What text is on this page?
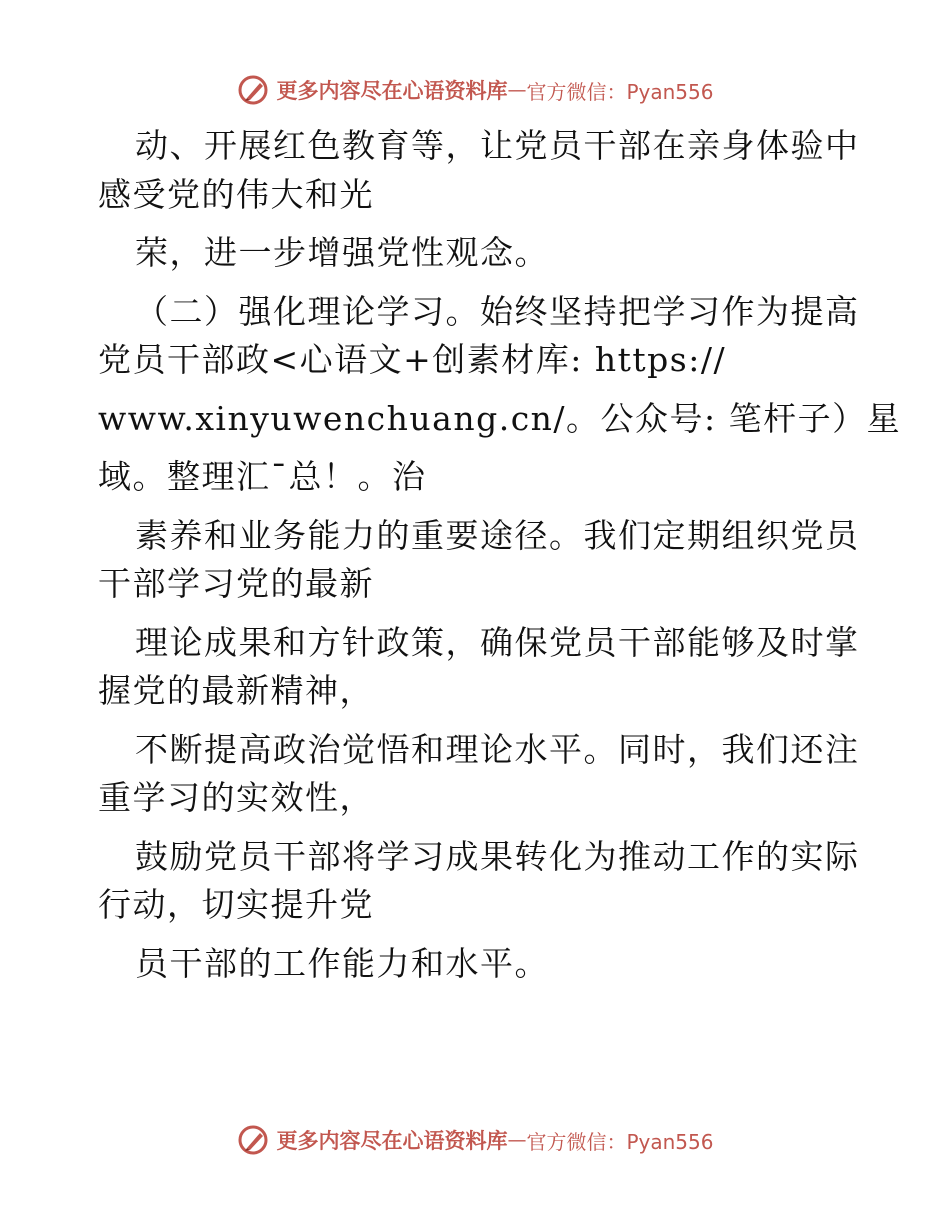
更多内容尽在心语资料库 — 官方微信：Pyan556
动、开展红色教育等，让党员干部在亲身体验中
感受党的伟大和光
荣，进一步增强党性观念。
（二）强化理论学习。始终坚持把学习作为提高
党员干部政<心语文+创素材库: https://
www.xinyuwenchuang.cn/。公众号: 笔杆子）星
域。整理汇¯总！。治
素养和业务能力的重要途径。我们定期组织党员
干部学习党的最新
理论成果和方针政策，确保党员干部能够及时掌
握党的最新精神，
不断提高政治觉悟和理论水平。同时，我们还注
重学习的实效性，
鼓励党员干部将学习成果转化为推动工作的实际
行动，切实提升党
员干部的工作能力和水平。
更多内容尽在心语资料库 — 官方微信：Pyan556
